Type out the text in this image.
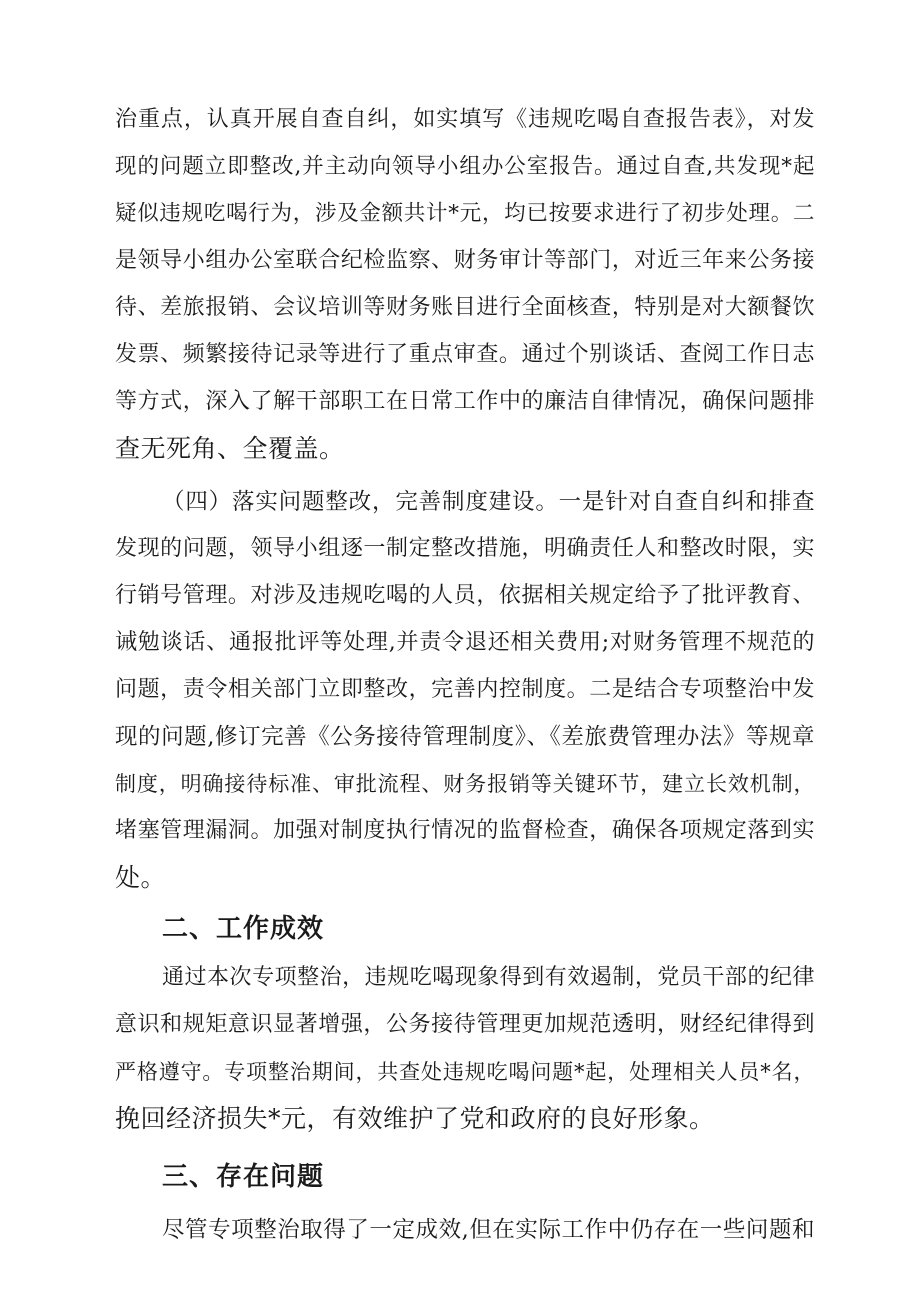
治重点，认真开展自查自纠，如实填写《违规吃喝自查报告表》，对发
现的问题立即整改,并主动向领导小组办公室报告。通过自查,共发现*起
疑似违规吃喝行为，涉及金额共计*元，均已按要求进行了初步处理。二
是领导小组办公室联合纪检监察、财务审计等部门，对近三年来公务接
待、差旅报销、会议培训等财务账目进行全面核查，特别是对大额餐饮
发票、频繁接待记录等进行了重点审查。通过个别谈话、查阅工作日志
等方式，深入了解干部职工在日常工作中的廉洁自律情况，确保问题排
查无死角、全覆盖。
（四）落实问题整改，完善制度建设。一是针对自查自纠和排查
发现的问题，领导小组逐一制定整改措施，明确责任人和整改时限，实
行销号管理。对涉及违规吃喝的人员，依据相关规定给予了批评教育、
诫勉谈话、通报批评等处理,并责令退还相关费用;对财务管理不规范的
问题，责令相关部门立即整改，完善内控制度。二是结合专项整治中发
现的问题,修订完善《公务接待管理制度》、《差旅费管理办法》等规章
制度，明确接待标准、审批流程、财务报销等关键环节，建立长效机制，
堵塞管理漏洞。加强对制度执行情况的监督检查，确保各项规定落到实
处。
二、工作成效
通过本次专项整治，违规吃喝现象得到有效遏制，党员干部的纪律
意识和规矩意识显著增强，公务接待管理更加规范透明，财经纪律得到
严格遵守。专项整治期间，共查处违规吃喝问题*起，处理相关人员*名，
挽回经济损失*元，有效维护了党和政府的良好形象。
三、存在问题
尽管专项整治取得了一定成效,但在实际工作中仍存在一些问题和
